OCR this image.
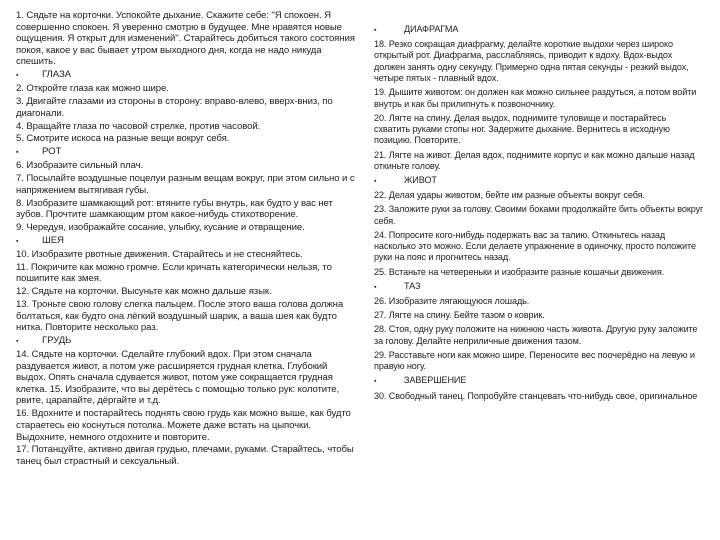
1. Сядьте на корточки. Успокойте дыхание. Скажите себе: "Я спокоен. Я совершенно спокоен. Я уверенно смотрю в будущее. Мне нравятся новые ощущения. Я открыт для изменений". Старайтесь добиться такого состояния покоя, какое у вас бывает утром выходного дня, когда не надо никуда спешить.
▪	ГЛАЗА
2. Откройте глаза как можно шире.
3. Двигайте глазами из стороны в сторону: вправо-влево, вверх-вниз, по диагонали.
4. Вращайте глаза по часовой стрелке, против часовой.
5. Смотрите искоса на разные вещи вокруг себя.
▪	РОТ
6. Изобразите сильный плач.
7. Посылайте воздушные поцелуи разным вещам вокруг, при этом сильно и с напряжением вытягивая губы.
8. Изобразите шамкающий рот: втяните губы внутрь, как будто у вас нет зубов. Прочтите шамкающим ртом какое-нибудь стихотворение.
9. Чередуя, изображайте сосание, улыбку, кусание и отвращение.
▪	ШЕЯ
10. Изобразите рвотные движения. Старайтесь и не стесняйтесь.
11. Покричите как можно громче. Если кричать категорически нельзя, то пошипите как змея.
12. Сядьте на корточки. Высуньте как можно дальше язык.
13. Троньте свою голову слегка пальцем. После этого ваша голова должна болтаться, как будто она лёгкий воздушный шарик, а ваша шея как будто нитка. Повторите несколько раз.
▪	ГРУДЬ
14. Сядьте на корточки. Сделайте глубокий вдох. При этом сначала раздувается живот, а потом уже расширяется грудная клетка. Глубокий выдох. Опять сначала сдувается живот, потом уже сокращается грудная клетка. 15. Изобразите, что вы дерётесь с помощью только рук: колотите, рвите, царапайте, дёргайте и т.д.
16. Вдохните и постарайтесь поднять свою грудь как можно выше, как будто стараетесь ею коснуться потолка. Можете даже встать на цыпочки. Выдохните, немного отдохните и повторите.
17. Потанцуйте, активно двигая грудью, плечами, руками. Старайтесь, чтобы танец был страстный и сексуальный.
▪	ДИАФРАГМА
18. Резко сокращая диафрагму, делайте короткие выдохи через широко открытый рот. Диафрагма, расслабляясь, приводит к вдоху. Вдох-выдох должен занять одну секунду. Примерно одна пятая секунды - резкий выдох, четыре пятых - плавный вдох.
19. Дышите животом: он должен как можно сильнее раздуться, а потом войти внутрь и как бы прилипнуть к позвоночнику.
20. Лягте на спину. Делая выдох, поднимите туловище и постарайтесь схватить руками стопы ног. Задержите дыхание. Вернитесь в исходную позицию. Повторите.
21. Лягте на живот. Делая вдох, поднимите корпус и как можно дальше назад откиньте голову.
▪	ЖИВОТ
22. Делая удары животом, бейте им разные объекты вокруг себя.
23. Заложите руки за голову. Своими боками продолжайте бить объекты вокруг себя.
24. Попросите кого-нибудь подержать вас за талию. Откиньтесь назад насколько это можно. Если делаете упражнение в одиночку, просто положите руки на пояс и прогнитесь назад.
25. Встаньте на четвереньки и изобразите разные кошачьи движения.
▪	ТАЗ
26. Изобразите лягающуюся лошадь.
27. Лягте на спину. Бейте тазом о коврик.
28. Стоя, одну руку положите на нижнюю часть живота. Другую руку заложите за голову. Делайте неприличные движения тазом.
29. Расставьте ноги как можно шире. Переносите вес поочерёдно на левую и правую ногу.
▪	ЗАВЕРШЕНИЕ
30. Свободный танец. Попробуйте станцевать что-нибудь свое, оригинальное
